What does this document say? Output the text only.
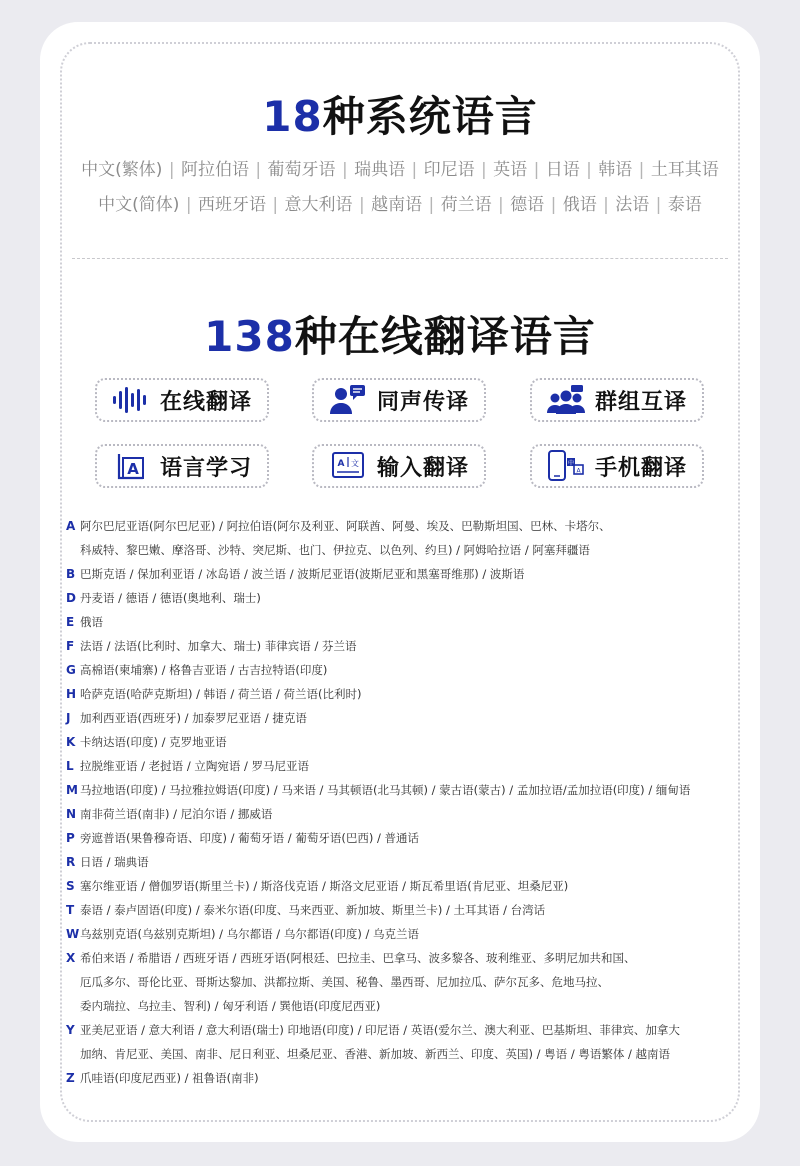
18种系统语言
中文(繁体) | 阿拉伯语 | 葡萄牙语 | 瑞典语 | 印尼语 | 英语 | 日语 | 韩语 | 土耳其语
中文(简体) | 西班牙语 | 意大利语 | 越南语 | 荷兰语 | 德语 | 俄语 | 法语 | 泰语
138种在线翻译语言
在线翻译	同声传译	群组互译
A 语言学习	A 文 输入翻译	中
A 手机翻译
A 阿尔巴尼亚语(阿尔巴尼亚) / 阿拉伯语(阿尔及利亚、阿联酋、阿曼、埃及、巴勒斯坦国、巴林、卡塔尔、
科威特、黎巴嫩、摩洛哥、沙特、突尼斯、也门、伊拉克、以色列、约旦) / 阿姆哈拉语 / 阿塞拜疆语
B 巴斯克语 / 保加利亚语 / 冰岛语 / 波兰语 / 波斯尼亚语(波斯尼亚和黑塞哥维那) / 波斯语
D 丹麦语 / 德语 / 德语(奥地利、瑞士)
E 俄语
F 法语 / 法语(比利时、加拿大、瑞士) 菲律宾语 / 芬兰语
G 高棉语(柬埔寨) / 格鲁吉亚语 / 古吉拉特语(印度)
H 哈萨克语(哈萨克斯坦) / 韩语 / 荷兰语 / 荷兰语(比利时)
J 加利西亚语(西班牙) / 加泰罗尼亚语 / 捷克语
K 卡纳达语(印度) / 克罗地亚语
L 拉脱维亚语 / 老挝语 / 立陶宛语 / 罗马尼亚语
M 马拉地语(印度) / 马拉雅拉姆语(印度) / 马来语 / 马其顿语(北马其顿) / 蒙古语(蒙古) / 孟加拉语/孟加拉语(印度) / 缅甸语
N 南非荷兰语(南非) / 尼泊尔语 / 挪威语
P 旁遮普语(果鲁穆奇语、印度) / 葡萄牙语 / 葡萄牙语(巴西) / 普通话
R 日语 / 瑞典语
S 塞尔维亚语 / 僧伽罗语(斯里兰卡) / 斯洛伐克语 / 斯洛文尼亚语 / 斯瓦希里语(肯尼亚、坦桑尼亚)
T 泰语 / 泰卢固语(印度) / 泰米尔语(印度、马来西亚、新加坡、斯里兰卡) / 土耳其语 / 台湾话
W 乌兹别克语(乌兹别克斯坦) / 乌尔都语 / 乌尔都语(印度) / 乌克兰语
X 希伯来语 / 希腊语 / 西班牙语 / 西班牙语(阿根廷、巴拉圭、巴拿马、波多黎各、玻利维亚、多明尼加共和国、
厄瓜多尔、哥伦比亚、哥斯达黎加、洪都拉斯、美国、秘鲁、墨西哥、尼加拉瓜、萨尔瓦多、危地马拉、
委内瑞拉、乌拉圭、智利) / 匈牙利语 / 巽他语(印度尼西亚)
Y 亚美尼亚语 / 意大利语 / 意大利语(瑞士) 印地语(印度) / 印尼语 / 英语(爱尔兰、澳大利亚、巴基斯坦、菲律宾、加拿大
加纳、肯尼亚、美国、南非、尼日利亚、坦桑尼亚、香港、新加坡、新西兰、印度、英国) / 粤语 / 粤语繁体 / 越南语
Z 爪哇语(印度尼西亚) / 祖鲁语(南非)
